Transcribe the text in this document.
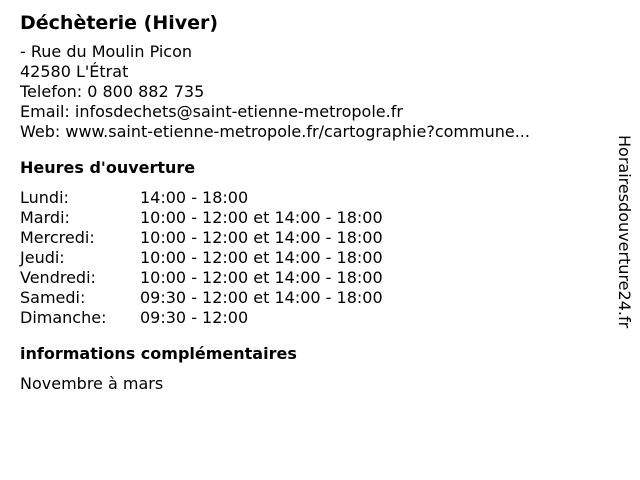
Déchèterie (Hiver)
- Rue du Moulin Picon
42580 L'Étrat
Telefon: 0 800 882 735
Email: infosdechets@saint-etienne-metropole.fr
Web: www.saint-etienne-metropole.fr/cartographie?commune...
Heures d'ouverture
Lundi:	14:00 - 18:00
Mardi:	10:00 - 12:00 et 14:00 - 18:00
Mercredi:	10:00 - 12:00 et 14:00 - 18:00
Jeudi:	10:00 - 12:00 et 14:00 - 18:00
Vendredi:	10:00 - 12:00 et 14:00 - 18:00
Samedi:	09:30 - 12:00 et 14:00 - 18:00
Dimanche:	09:30 - 12:00
informations complémentaires
Novembre à mars
Horairesdouverture24.fr
